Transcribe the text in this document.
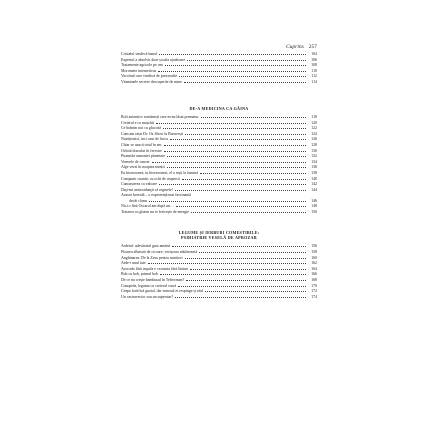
Cuprins 257
Cristalul vindecă banal	104
Expertul a absolvit doar școala ajutătoare	106
Tratamente agricole pe om	108
Moromete intemeticus	110
Vaccinul care vindecă de prea multe	112
Vitaminele secrete descoperite de mine	114
DE-A MEDICINA CA GĂINA
Boli autentice românești care m-au lăsat prematur	118
Creierul e ca mușchii	120
Ce hrănim noi cu glucoză	122
Cum am ratat Dr. Oz Show la București	124
Nutriționist, inci caut de lucru	126
Chiar se usucă totul în aer	128
Ochiul dracului în ferestre	130
Piramida armoniei planetare	132
Vermele de cancer	134
Alge verzi în noaptea minții	136
Eu biorezonez, tu biorezonezi, el a ieșit la lumină	138
Computer cuantic cu ochi de ciupercă	140
Cunoașterea ca valoare	142
Daţi-mi antioxidanţii că reginele!	144
Aurora boreală – o experiență mai fascinantă
decât clama	146
Nici o fără Oscarul am după un…	148
Tratarea cu gluten nu te fericește de energie	150
LEGUME ȘI IERBURI COMESTIBILE:
PSIHIATRIE VESELĂ DE APROZAR
Ardeiul: adevăratul gust amărui	156
Floarea albastră de cicoare, verișoara adulterantă	158
Anghinarea. De la Zeus pentru muritori	160
Arde-i unul iute	162
Avocado fără tequila e ca nunta fără lăutari	164
Bob cu bob, primul bob	166
De ce nu crește bambusul în Teleorman?	168
Conopida, leguma cu creierul varză	170
Ceapa fortifică gustul, dar mirosul ei respinge și răul	172
Un castravecior sau un superstar?	174
